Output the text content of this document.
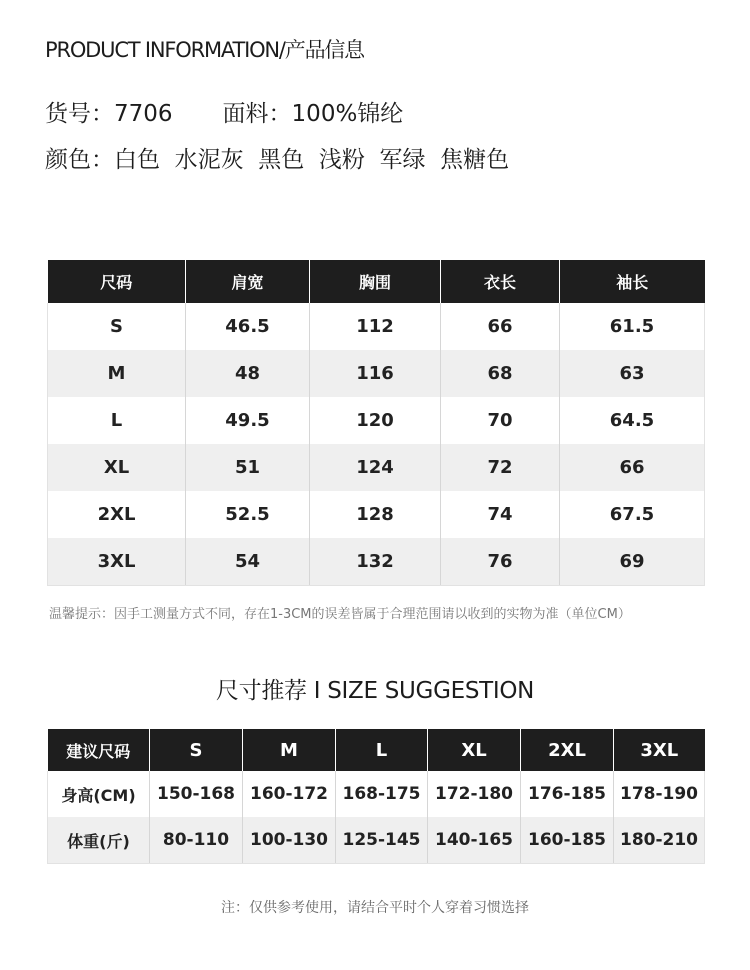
PRODUCT INFORMATION/产品信息
货号：7706 面料：100%锦纶
颜色：白色  水泥灰  黑色  浅粉  军绿  焦糖色
尺码	肩宽	胸围	衣长	袖长
S	46.5	112	66	61.5
M	48	116	68	63
L	49.5	120	70	64.5
XL	51	124	72	66
2XL	52.5	128	74	67.5
3XL	54	132	76	69
温馨提示：因手工测量方式不同，存在1-3CM的误差皆属于合理范围请以收到的实物为准（单位CM）
尺寸推荐 I SIZE SUGGESTION
建议尺码	S	M	L	XL	2XL	3XL
身高(CM)	150-168	160-172	168-175	172-180	176-185	178-190
体重(斤)	80-110	100-130	125-145	140-165	160-185	180-210
注：仅供参考使用，请结合平时个人穿着习惯选择
